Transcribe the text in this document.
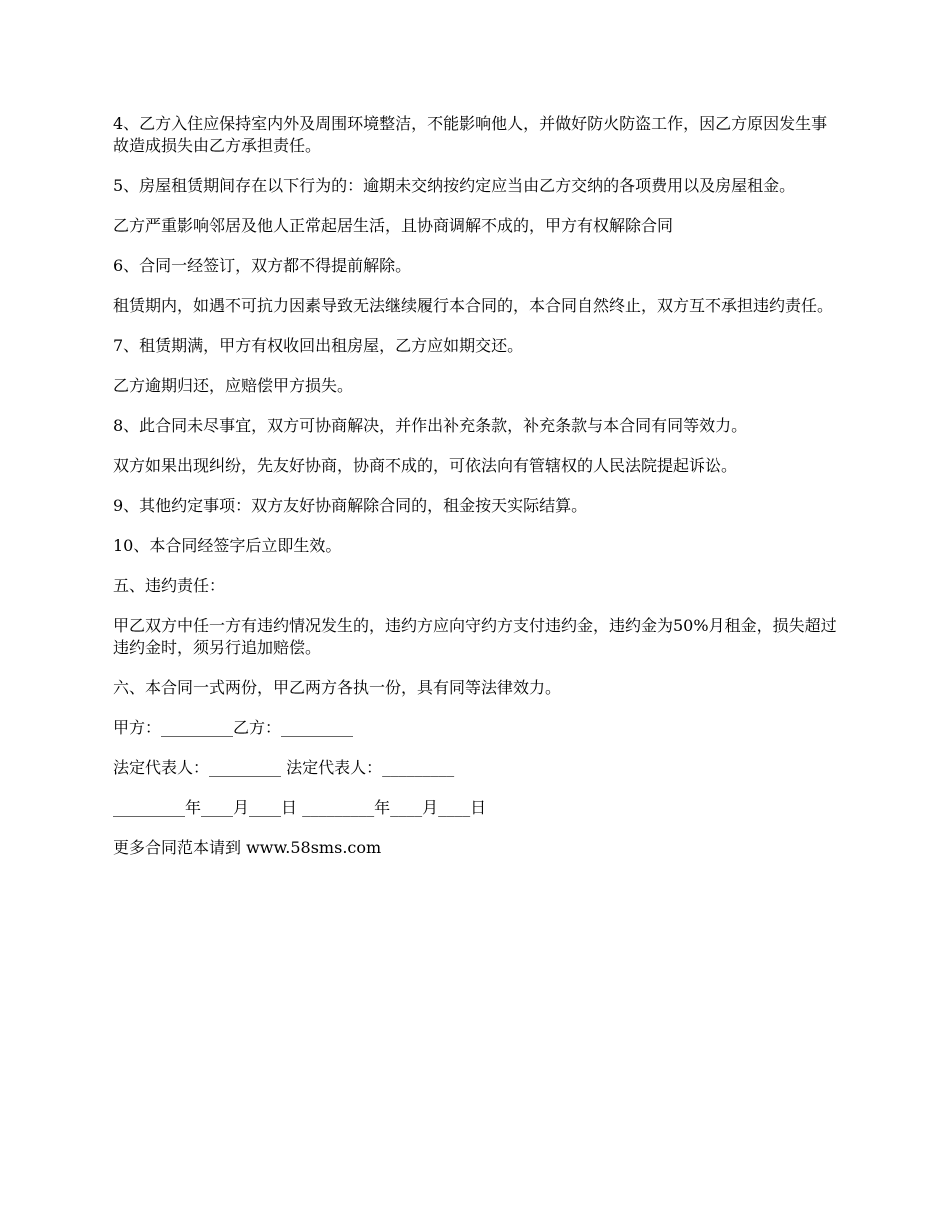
4、乙方入住应保持室内外及周围环境整洁，不能影响他人，并做好防火防盗工作，因乙方原因发生事故造成损失由乙方承担责任。

5、房屋租赁期间存在以下行为的：逾期未交纳按约定应当由乙方交纳的各项费用以及房屋租金。

乙方严重影响邻居及他人正常起居生活，且协商调解不成的，甲方有权解除合同

6、合同一经签订，双方都不得提前解除。

租赁期内，如遇不可抗力因素导致无法继续履行本合同的，本合同自然终止，双方互不承担违约责任。

7、租赁期满，甲方有权收回出租房屋，乙方应如期交还。

乙方逾期归还，应赔偿甲方损失。

8、此合同未尽事宜，双方可协商解决，并作出补充条款，补充条款与本合同有同等效力。

双方如果出现纠纷，先友好协商，协商不成的，可依法向有管辖权的人民法院提起诉讼。

9、其他约定事项：双方友好协商解除合同的，租金按天实际结算。

10、本合同经签字后立即生效。

五、违约责任：

甲乙双方中任一方有违约情况发生的，违约方应向守约方支付违约金，违约金为50%月租金，损失超过违约金时，须另行追加赔偿。

六、本合同一式两份，甲乙两方各执一份，具有同等法律效力。

甲方：_________乙方：_________

法定代表人：_________ 法定代表人：_________

_________年____月____日 _________年____月____日

更多合同范本请到 www.58sms.com
